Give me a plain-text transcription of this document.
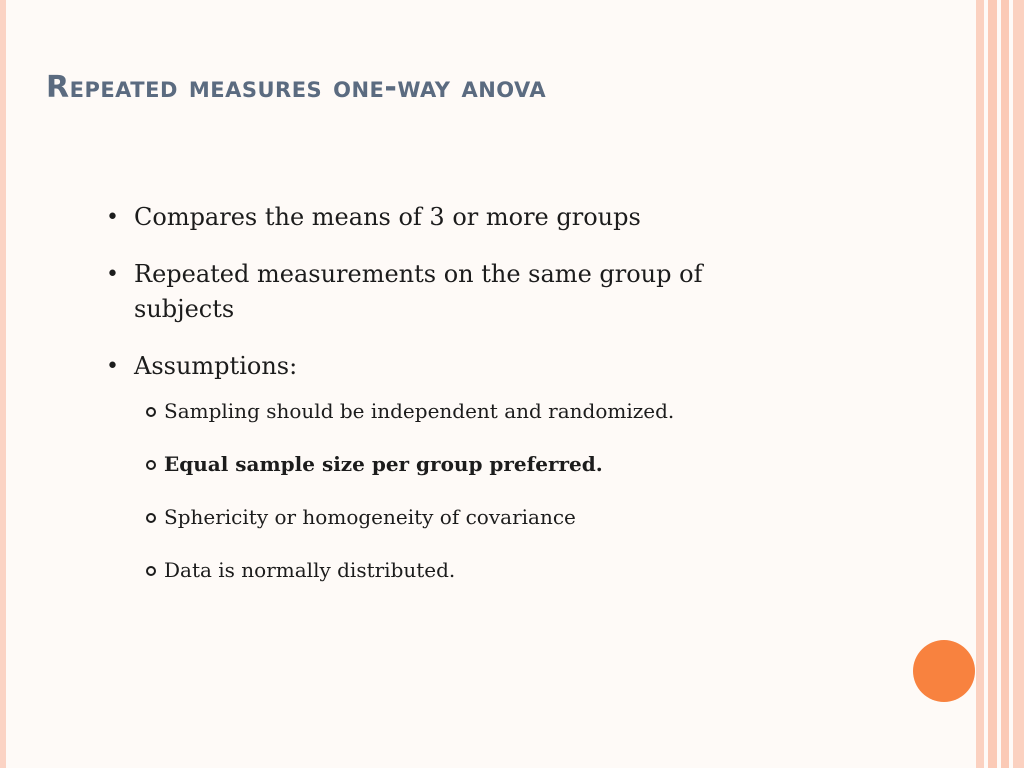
Repeated measures one-way anova
• Compares the means of 3 or more groups
• Repeated measurements on the same group of subjects
• Assumptions:
Sampling should be independent and randomized.
Equal sample size per group preferred.
Sphericity or homogeneity of covariance
Data is normally distributed.
